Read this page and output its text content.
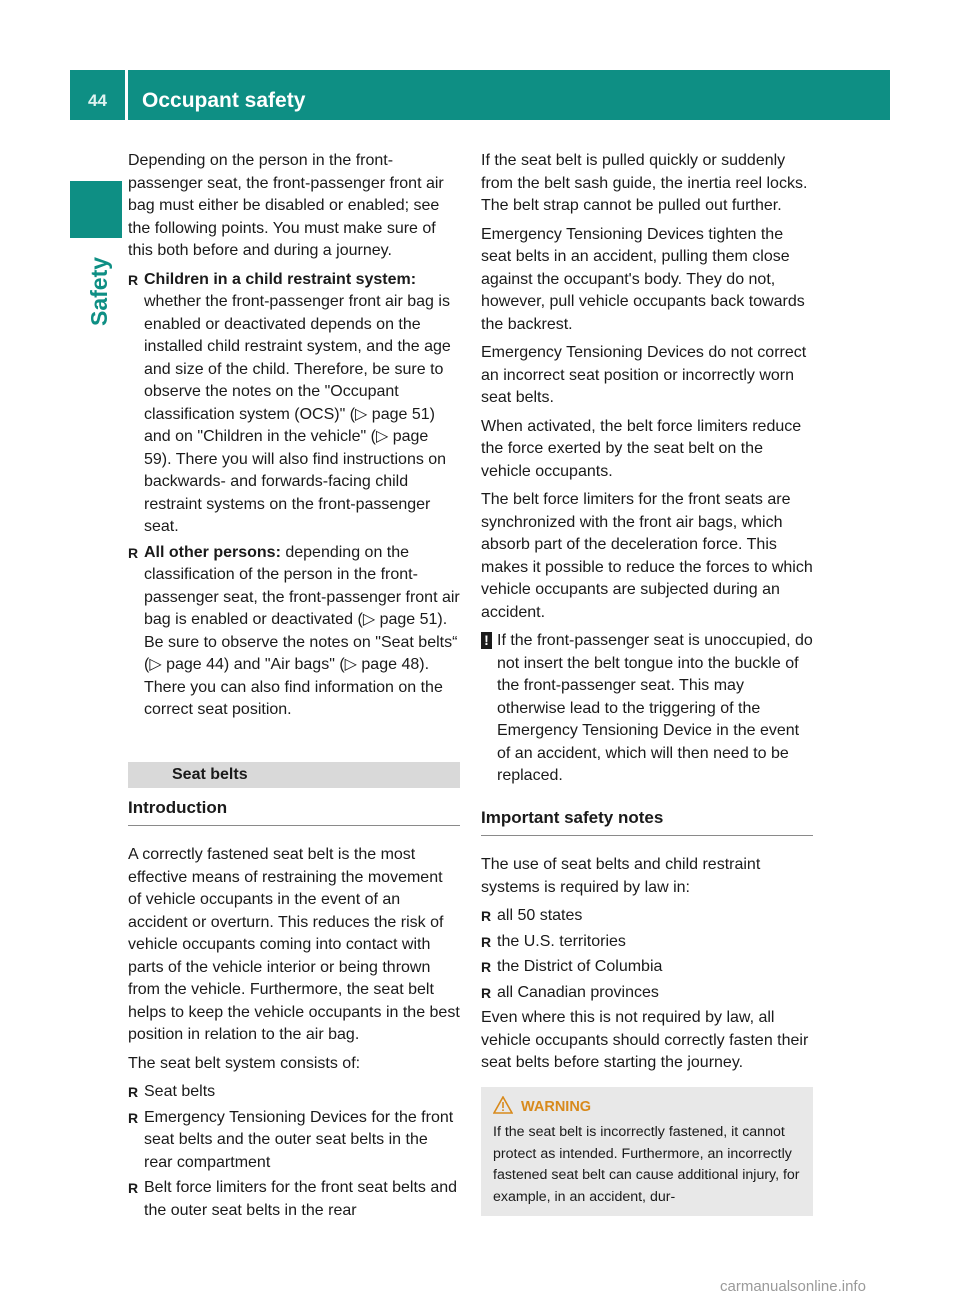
44	Occupant safety
Safety

Depending on the person in the front-passenger seat, the front-passenger front air bag must either be disabled or enabled; see the following points. You must make sure of this both before and during a journey.

R Children in a child restraint system: whether the front-passenger front air bag is enabled or deactivated depends on the installed child restraint system, and the age and size of the child. Therefore, be sure to observe the notes on the "Occupant classification system (OCS)" (▷ page 51) and on "Children in the vehicle" (▷ page 59). There you will also find instructions on backwards- and forwards-facing child restraint systems on the front-passenger seat.
R All other persons: depending on the classification of the person in the front-passenger seat, the front-passenger front air bag is enabled or deactivated (▷ page 51). Be sure to observe the notes on "Seat belts“ (▷ page 44) and "Air bags" (▷ page 48). There you can also find information on the correct seat position.
Seat belts
Introduction

A correctly fastened seat belt is the most effective means of restraining the movement of vehicle occupants in the event of an accident or overturn. This reduces the risk of vehicle occupants coming into contact with parts of the vehicle interior or being thrown from the vehicle. Furthermore, the seat belt helps to keep the vehicle occupants in the best position in relation to the air bag.

The seat belt system consists of:

R Seat belts
R Emergency Tensioning Devices for the front seat belts and the outer seat belts in the rear compartment
R Belt force limiters for the front seat belts and the outer seat belts in the rear

If the seat belt is pulled quickly or suddenly from the belt sash guide, the inertia reel locks. The belt strap cannot be pulled out further.

Emergency Tensioning Devices tighten the seat belts in an accident, pulling them close against the occupant's body. They do not, however, pull vehicle occupants back towards the backrest.

Emergency Tensioning Devices do not correct an incorrect seat position or incorrectly worn seat belts.

When activated, the belt force limiters reduce the force exerted by the seat belt on the vehicle occupants.

The belt force limiters for the front seats are synchronized with the front air bags, which absorb part of the deceleration force. This makes it possible to reduce the forces to which vehicle occupants are subjected during an accident.

! If the front-passenger seat is unoccupied, do not insert the belt tongue into the buckle of the front-passenger seat. This may otherwise lead to the triggering of the Emergency Tensioning Device in the event of an accident, which will then need to be replaced.
Important safety notes

The use of seat belts and child restraint systems is required by law in:

R all 50 states
R the U.S. territories
R the District of Columbia
R all Canadian provinces

Even where this is not required by law, all vehicle occupants should correctly fasten their seat belts before starting the journey.

WARNING
If the seat belt is incorrectly fastened, it cannot protect as intended. Furthermore, an incorrectly fastened seat belt can cause additional injury, for example, in an accident, dur-
carmanualsonline.info
